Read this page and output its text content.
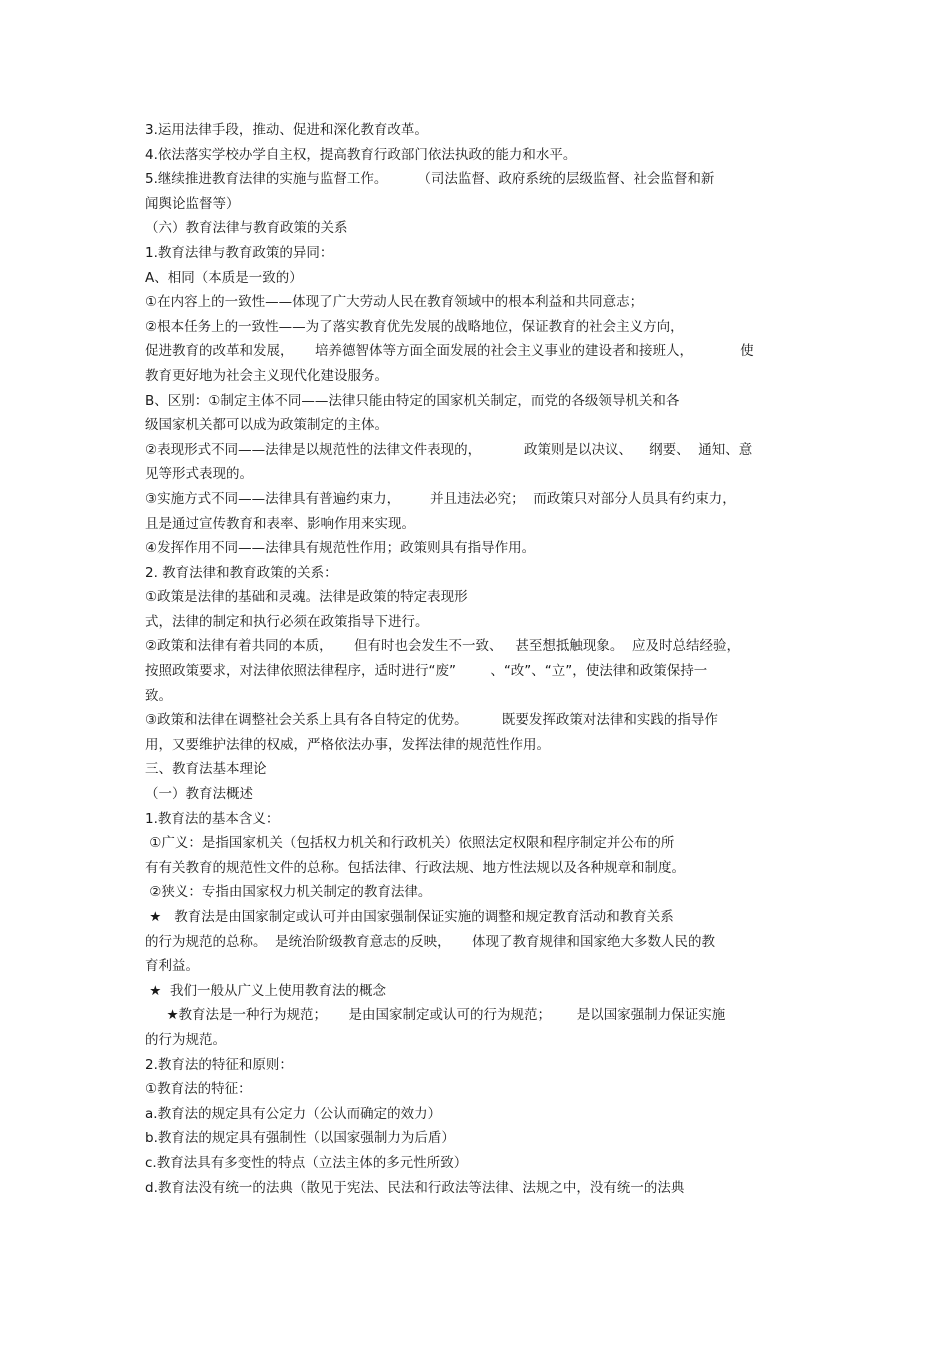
3.运用法律手段，推动、促进和深化教育改革。
4.依法落实学校办学自主权，提高教育行政部门依法执政的能力和水平。
5.继续推进教育法律的实施与监督工作。       （司法监督、政府系统的层级监督、社会监督和新
闻舆论监督等）
（六）教育法律与教育政策的关系
1.教育法律与教育政策的异同：
A、相同（本质是一致的）
①在内容上的一致性——体现了广大劳动人民在教育领域中的根本利益和共同意志；
②根本任务上的一致性——为了落实教育优先发展的战略地位，保证教育的社会主义方向，
促进教育的改革和发展，     培养德智体等方面全面发展的社会主义事业的建设者和接班人，           使
教育更好地为社会主义现代化建设服务。
B、区别：①制定主体不同——法律只能由特定的国家机关制定，而党的各级领导机关和各
级国家机关都可以成为政策制定的主体。
②表现形式不同——法律是以规范性的法律文件表现的，          政策则是以决议、    纲要、  通知、意
见等形式表现的。
③实施方式不同——法律具有普遍约束力，       并且违法必究；  而政策只对部分人员具有约束力，
且是通过宣传教育和表率、影响作用来实现。
④发挥作用不同——法律具有规范性作用；政策则具有指导作用。
2. 教育法律和教育政策的关系：
①政策是法律的基础和灵魂。法律是政策的特定表现形
式，法律的制定和执行必须在政策指导下进行。
②政策和法律有着共同的本质，     但有时也会发生不一致、   甚至想抵触现象。  应及时总结经验，
按照政策要求，对法律依照法律程序，适时进行“废”        、“改”、“立”，使法律和政策保持一
致。
③政策和法律在调整社会关系上具有各自特定的优势。        既要发挥政策对法律和实践的指导作
用，又要维护法律的权威，严格依法办事，发挥法律的规范性作用。
三、教育法基本理论
（一）教育法概述
1.教育法的基本含义：
①广义：是指国家机关（包括权力机关和行政机关）依照法定权限和程序制定并公布的所
有有关教育的规范性文件的总称。包括法律、行政法规、地方性法规以及各种规章和制度。
②狭义：专指由国家权力机关制定的教育法律。
★   教育法是由国家制定或认可并由国家强制保证实施的调整和规定教育活动和教育关系
的行为规范的总称。  是统治阶级教育意志的反映，     体现了教育规律和国家绝大多数人民的教
育利益。
★  我们一般从广义上使用教育法的概念
★教育法是一种行为规范；     是由国家制定或认可的行为规范；      是以国家强制力保证实施
的行为规范。
2.教育法的特征和原则：
①教育法的特征：
a.教育法的规定具有公定力（公认而确定的效力）
b.教育法的规定具有强制性（以国家强制力为后盾）
c.教育法具有多变性的特点（立法主体的多元性所致）
d.教育法没有统一的法典（散见于宪法、民法和行政法等法律、法规之中，没有统一的法典
